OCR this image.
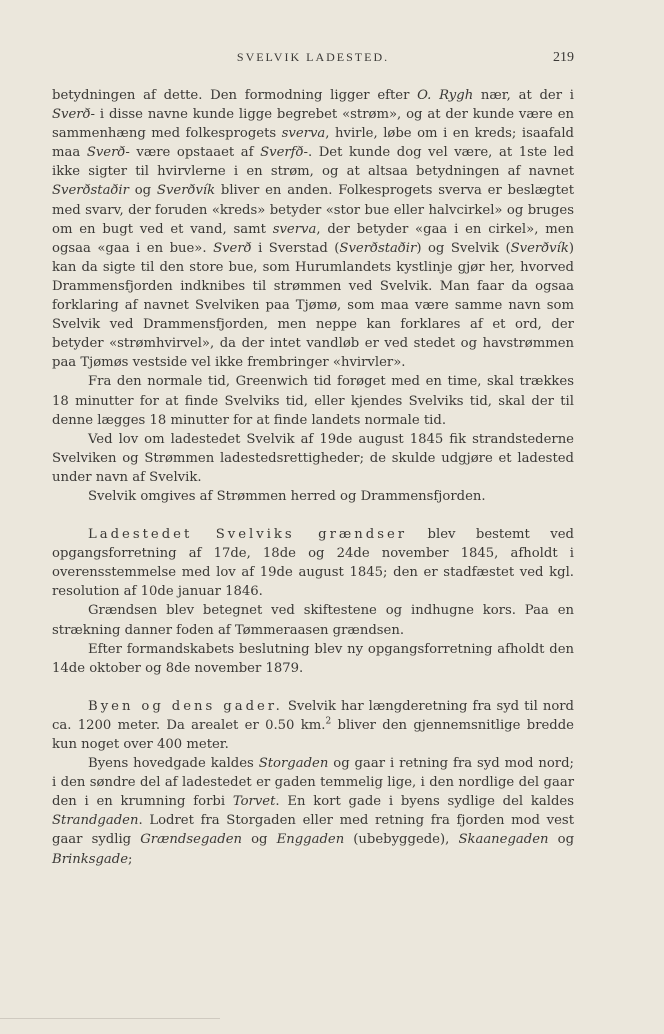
SVELVIK LADESTED.	219

betydningen af dette. Den formodning ligger efter O. Rygh nær, at der i Sverð- i disse navne kunde ligge begrebet «strøm», og at der kunde være en sammenhæng med folkesprogets sverva, hvirle, løbe om i en kreds; isaafald maa Sverð- være opstaaet af Sverfð-. Det kunde dog vel være, at 1ste led ikke sigter til hvirvlerne i en strøm, og at altsaa betydningen af navnet Sverðstaðir og Sverðvík bliver en anden. Folkesprogets sverva er beslægtet med svarv, der foruden «kreds» betyder «stor bue eller halvcirkel» og bruges om en bugt ved et vand, samt sverva, der betyder «gaa i en cirkel», men ogsaa «gaa i en bue». Sverð i Sverstad (Sverðstaðir) og Svelvik (Sverðvík) kan da sigte til den store bue, som Hurumlandets kystlinje gjør her, hvorved Drammensfjorden indknibes til strømmen ved Svelvik. Man faar da ogsaa forklaring af navnet Svelviken paa Tjømø, som maa være samme navn som Svelvik ved Drammensfjorden, men neppe kan forklares af et ord, der betyder «strømhvirvel», da der intet vandløb er ved stedet og havstrømmen paa Tjømøs vestside vel ikke frembringer «hvirvler».

Fra den normale tid, Greenwich tid forøget med en time, skal trækkes 18 minutter for at finde Svelviks tid, eller kjendes Svelviks tid, skal der til denne lægges 18 minutter for at finde landets normale tid.

Ved lov om ladestedet Svelvik af 19de august 1845 fik strandstederne Svelviken og Strømmen ladestedsrettigheder; de skulde udgjøre et ladested under navn af Svelvik.

Svelvik omgives af Strømmen herred og Drammensfjorden.

Ladestedet Svelviks grændser blev bestemt ved opgangsforretning af 17de, 18de og 24de november 1845, afholdt i overensstemmelse med lov af 19de august 1845; den er stadfæstet ved kgl. resolution af 10de januar 1846.

Grændsen blev betegnet ved skiftestene og indhugne kors. Paa en strækning danner foden af Tømmeraasen grændsen.

Efter formandskabets beslutning blev ny opgangsforretning afholdt den 14de oktober og 8de november 1879.

Byen og dens gader. Svelvik har længderetning fra syd til nord ca. 1200 meter. Da arealet er 0.50 km.$^2$ bliver den gjennemsnitlige bredde kun noget over 400 meter.

Byens hovedgade kaldes Storgaden og gaar i retning fra syd mod nord; i den søndre del af ladestedet er gaden temmelig lige, i den nordlige del gaar den i en krumning forbi Torvet. En kort gade i byens sydlige del kaldes Strandgaden. Lodret fra Storgaden eller med retning fra fjorden mod vest gaar sydlig Grændsegaden og Enggaden (ubebyggede), Skaanegaden og Brinksgade;
